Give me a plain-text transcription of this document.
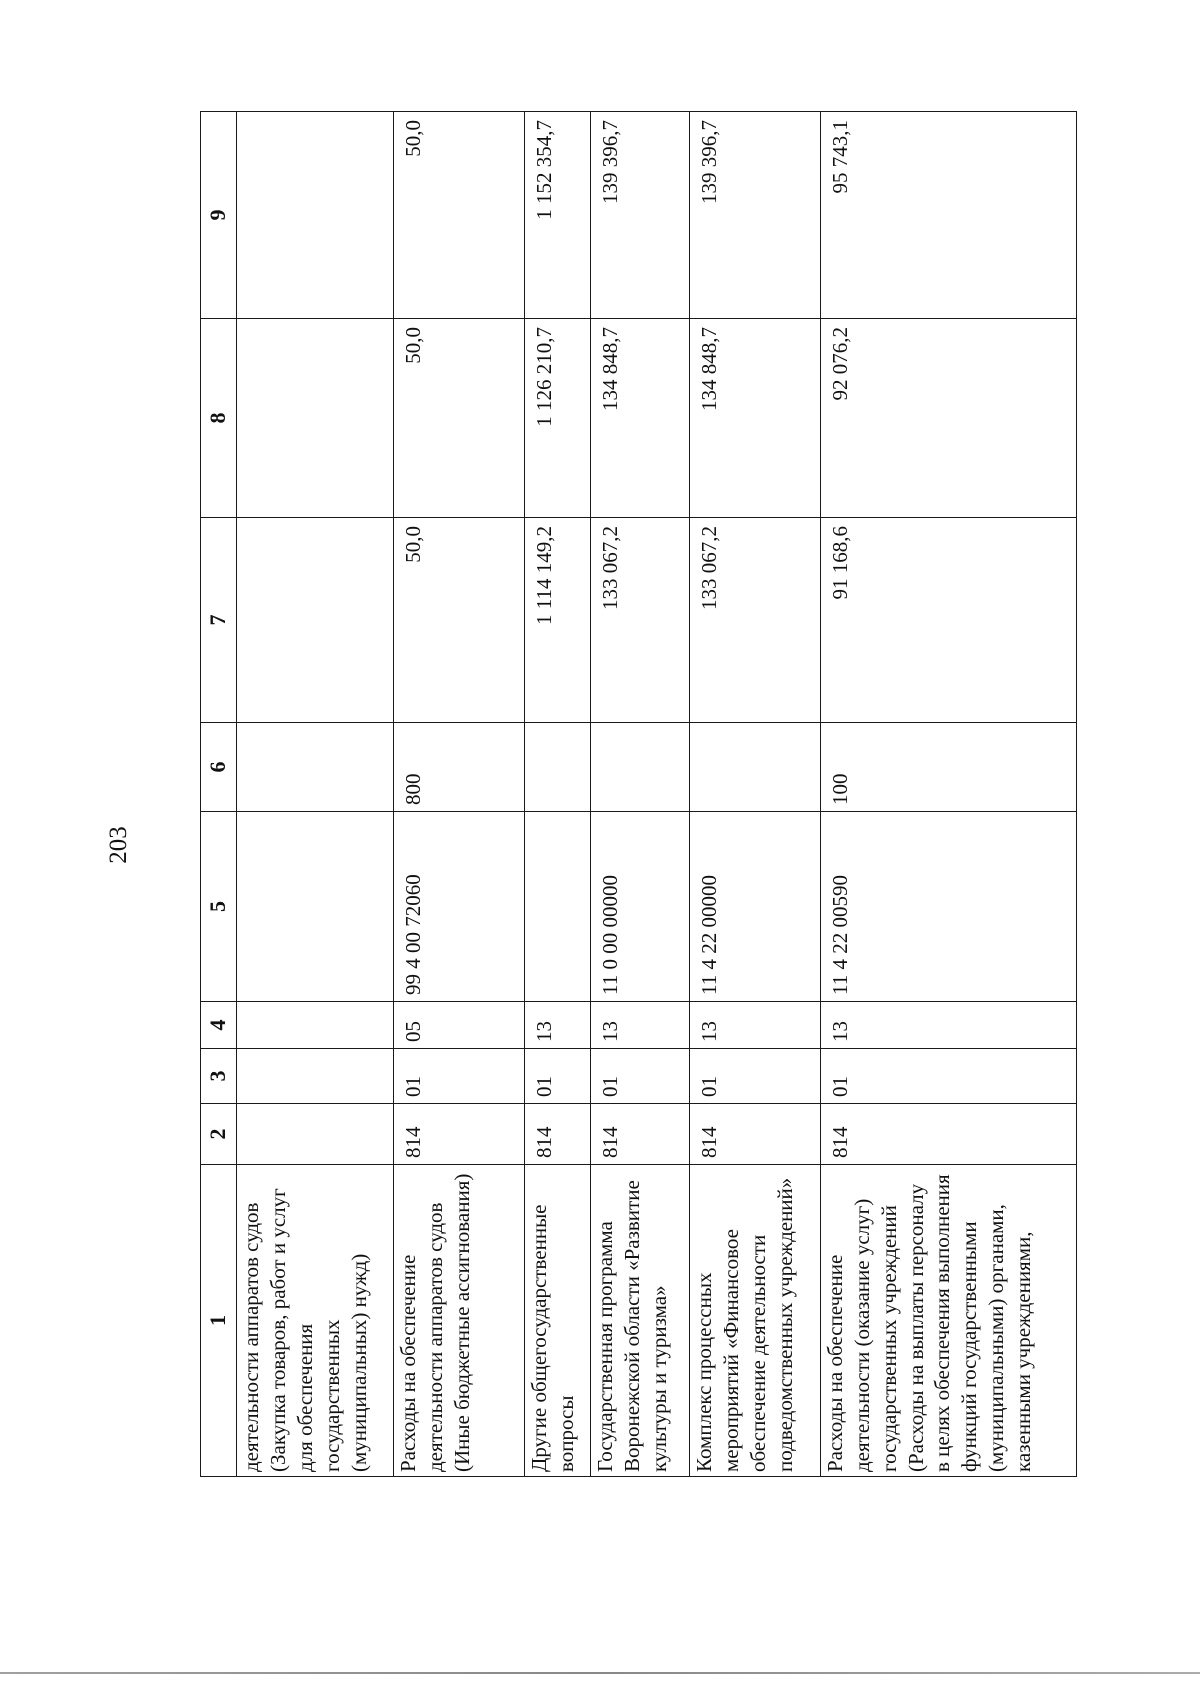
203
1	2	3	4	5	6	7	8	9
деятельности аппаратов судов (Закупка товаров, работ и услуг для обеспечения государственных (муниципальных) нужд)								
Расходы на обеспечение деятельности аппаратов судов (Иные бюджетные ассигнования)	814	01	05	99 4 00 72060	800	50,0	50,0	50,0
Другие общегосударственные вопросы	814	01	13			1 114 149,2	1 126 210,7	1 152 354,7
Государственная программа Воронежской области «Развитие культуры и туризма»	814	01	13	11 0 00 00000		133 067,2	134 848,7	139 396,7
Комплекс процессных мероприятий «Финансовое обеспечение деятельности подведомственных учреждений»	814	01	13	11 4 22 00000		133 067,2	134 848,7	139 396,7
Расходы на обеспечение деятельности (оказание услуг) государственных учреждений (Расходы на выплаты персоналу в целях обеспечения выполнения функций государственными (муниципальными) органами, казенными учреждениями,	814	01	13	11 4 22 00590	100	91 168,6	92 076,2	95 743,1
